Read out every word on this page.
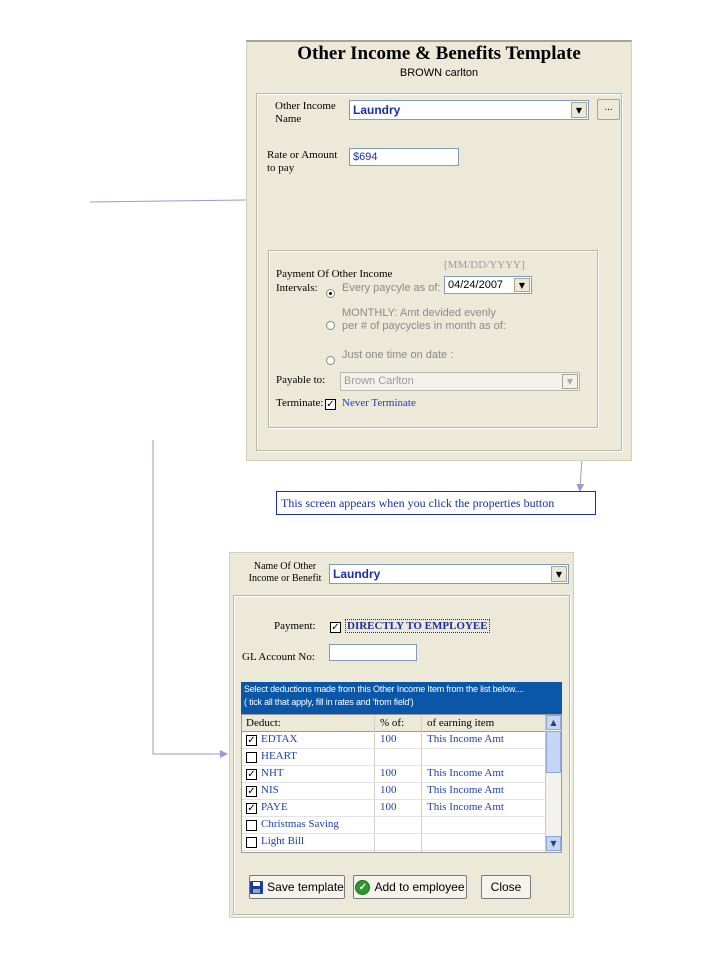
Other Income & Benefits Template
BROWN carlton
Other Income Name
Laundry	▼	...
Rate or Amount to pay
$694
[MM/DD/YYYY]
Payment Of Other Income
Intervals: Every paycyle as of: 04/24/2007	▼
MONTHLY: Amt devided evenly
per # of paycycles in month as of:
Just one time on date :
Payable to: Brown Carlton	▼
Terminate: ✓ Never Terminate
This screen appears when you click the properties button
Name Of Other
Income or Benefit Laundry	▼
Payment: ✓ DIRECTLY TO EMPLOYEE
GL Account No:
Select deductions made from this Other Income Item from the list below....
( tick all that apply, fill in rates and 'from field')
Deduct:	% of: of earning item
✓ EDTAX	100	This Income Amt
HEART
✓ NHT	100	This Income Amt
✓ NIS	100	This Income Amt
✓ PAYE	100	This Income Amt
Christmas Saving
Light Bill
▲
▼
Save template	✓ Add to employee Close
